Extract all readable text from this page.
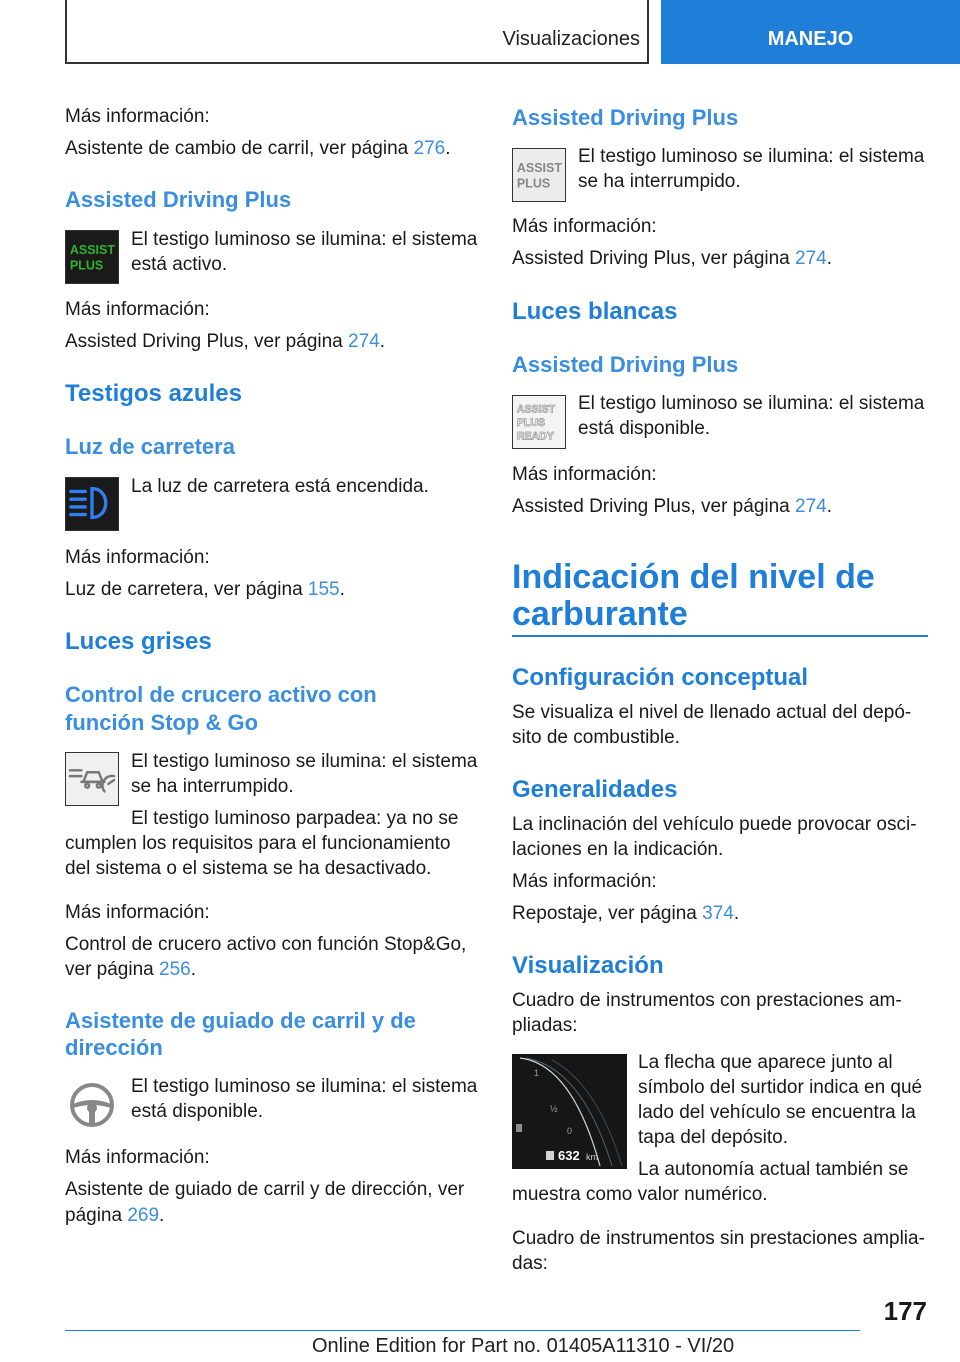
Visualizaciones	MANEJO
Más información:
Asistente de cambio de carril, ver página 276.
Assisted Driving Plus
ASSIST
PLUS
El testigo luminoso se ilumina: el sistema
está activo.
Más información:
Assisted Driving Plus, ver página 274.
Testigos azules
Luz de carretera
La luz de carretera está encendida.
Más información:
Luz de carretera, ver página 155.
Luces grises
Control de crucero activo con
función Stop & Go
El testigo luminoso se ilumina: el sistema
se ha interrumpido.
El testigo luminoso parpadea: ya no se
cumplen los requisitos para el funcionamiento
del sistema o el sistema se ha desactivado.
Más información:
Control de crucero activo con función Stop&Go,
ver página 256.
Asistente de guiado de carril y de
dirección
El testigo luminoso se ilumina: el sistema
está disponible.
Más información:
Asistente de guiado de carril y de dirección, ver
página 269.
Assisted Driving Plus
ASSIST
PLUS
El testigo luminoso se ilumina: el sistema
se ha interrumpido.
Más información:
Assisted Driving Plus, ver página 274.
Luces blancas
Assisted Driving Plus
ASSIST
PLUS
READY
El testigo luminoso se ilumina: el sistema
está disponible.
Más información:
Assisted Driving Plus, ver página 274.
Indicación del nivel de
carburante
Configuración conceptual
Se visualiza el nivel de llenado actual del depó-
sito de combustible.
Generalidades
La inclinación del vehículo puede provocar osci-
laciones en la indicación.
Más información:
Repostaje, ver página 374.
Visualización
Cuadro de instrumentos con prestaciones am-
pliadas:
La flecha que aparece junto al
símbolo del surtidor indica en qué
lado del vehículo se encuentra la
tapa del depósito.
La autonomía actual también se
muestra como valor numérico.
Cuadro de instrumentos sin prestaciones amplia-
das:
1
½
0
632 km
177
Online Edition for Part no. 01405A11310 - VI/20
